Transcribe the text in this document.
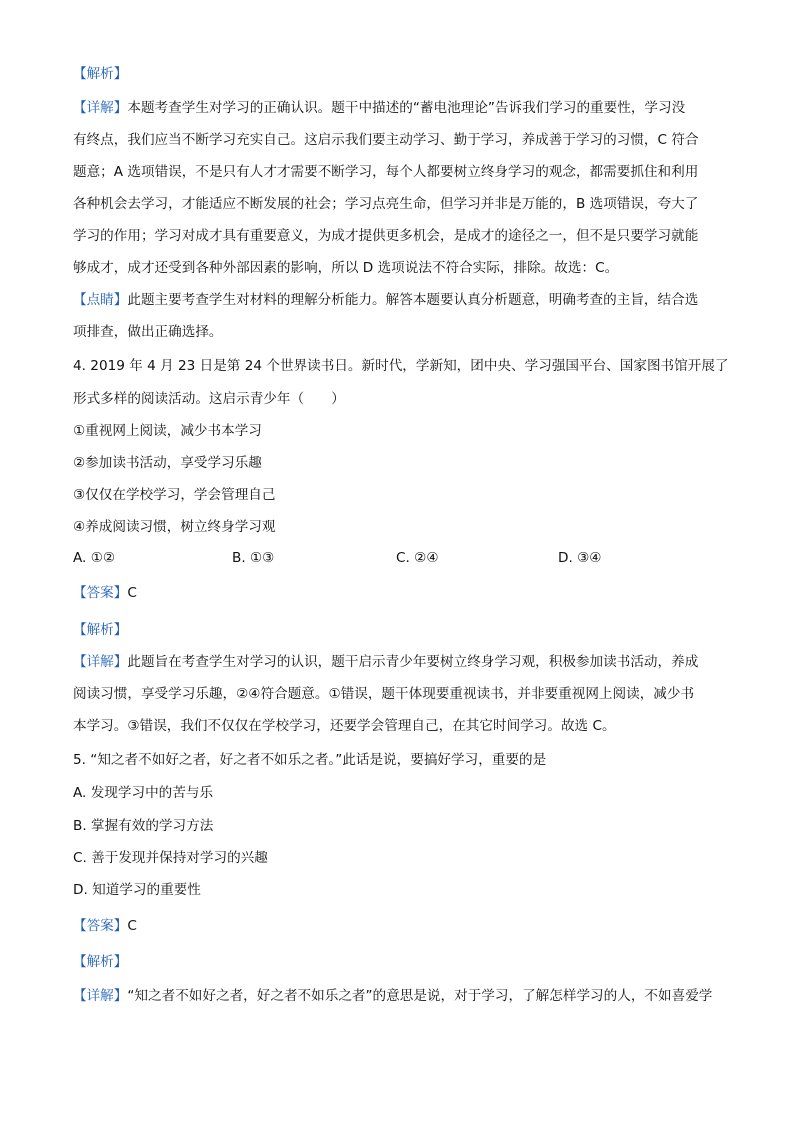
【解析】
【详解】本题考查学生对学习的正确认识。题干中描述的“蓄电池理论”告诉我们学习的重要性，学习没
有终点，我们应当不断学习充实自己。这启示我们要主动学习、勤于学习，养成善于学习的习惯，C 符合
题意；A 选项错误，不是只有人才才需要不断学习，每个人都要树立终身学习的观念，都需要抓住和利用
各种机会去学习，才能适应不断发展的社会；学习点亮生命，但学习并非是万能的，B 选项错误，夸大了
学习的作用；学习对成才具有重要意义，为成才提供更多机会，是成才的途径之一，但不是只要学习就能
够成才，成才还受到各种外部因素的影响，所以 D 选项说法不符合实际，排除。故选：C。
【点睛】此题主要考查学生对材料的理解分析能力。解答本题要认真分析题意，明确考查的主旨，结合选
项排查，做出正确选择。
4. 2019 年 4 月 23 日是第 24 个世界读书日。新时代，学新知，团中央、学习强国平台、国家图书馆开展了
形式多样的阅读活动。这启示青少年（　　）
①重视网上阅读，减少书本学习
②参加读书活动，享受学习乐趣
③仅仅在学校学习，学会管理自己
④养成阅读习惯，树立终身学习观
A. ①②	B. ①③	C. ②④	D. ③④
【答案】C
【解析】
【详解】此题旨在考查学生对学习的认识，题干启示青少年要树立终身学习观，积极参加读书活动，养成
阅读习惯，享受学习乐趣，②④符合题意。①错误，题干体现要重视读书，并非要重视网上阅读，减少书
本学习。③错误，我们不仅仅在学校学习，还要学会管理自己，在其它时间学习。故选 C。
5. “知之者不如好之者，好之者不如乐之者。”此话是说，要搞好学习，重要的是
A. 发现学习中的苦与乐
B. 掌握有效的学习方法
C. 善于发现并保持对学习的兴趣
D. 知道学习的重要性
【答案】C
【解析】
【详解】“知之者不如好之者，好之者不如乐之者”的意思是说，对于学习，了解怎样学习的人，不如喜爱学
